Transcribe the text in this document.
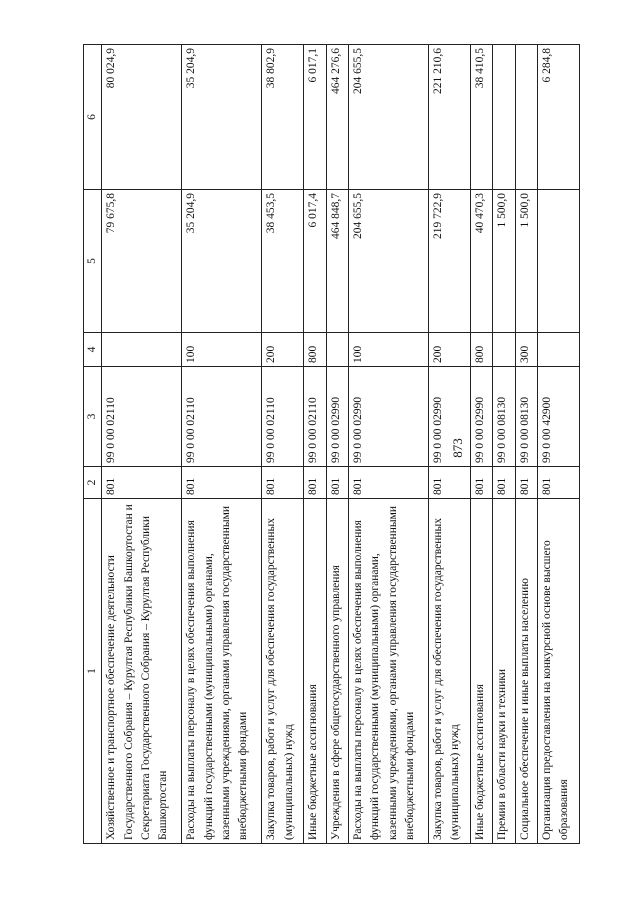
873
1	2	3	4	5	6
Хозяйственное и транспортное обеспечение деятельности Государственного Собрания – Курултая Республики Башкортостан и Секретариата Государственного Собрания – Курултая Республики Башкортостан	801	99 0 00 02110		79 675,8	80 024,9
Расходы на выплаты персоналу в целях обеспечения выполнения функций государственными (муниципальными) органами, казенными учреждениями, органами управления государственными внебюджетными фондами	801	99 0 00 02110	100	35 204,9	35 204,9
Закупка товаров, работ и услуг для обеспечения государственных (муниципальных) нужд	801	99 0 00 02110	200	38 453,5	38 802,9
Иные бюджетные ассигнования	801	99 0 00 02110	800	6 017,4	6 017,1
Учреждения в сфере общегосударственного управления	801	99 0 00 02990		464 848,7	464 276,6
Расходы на выплаты персоналу в целях обеспечения выполнения функций государственными (муниципальными) органами, казенными учреждениями, органами управления государственными внебюджетными фондами	801	99 0 00 02990	100	204 655,5	204 655,5
Закупка товаров, работ и услуг для обеспечения государственных (муниципальных) нужд	801	99 0 00 02990	200	219 722,9	221 210,6
Иные бюджетные ассигнования	801	99 0 00 02990	800	40 470,3	38 410,5
Премии в области науки и техники	801	99 0 00 08130		1 500,0	
Социальное обеспечение и иные выплаты населению	801	99 0 00 08130	300	1 500,0	
Организация предоставления на конкурсной основе высшего образования	801	99 0 00 42900			6 284,8
